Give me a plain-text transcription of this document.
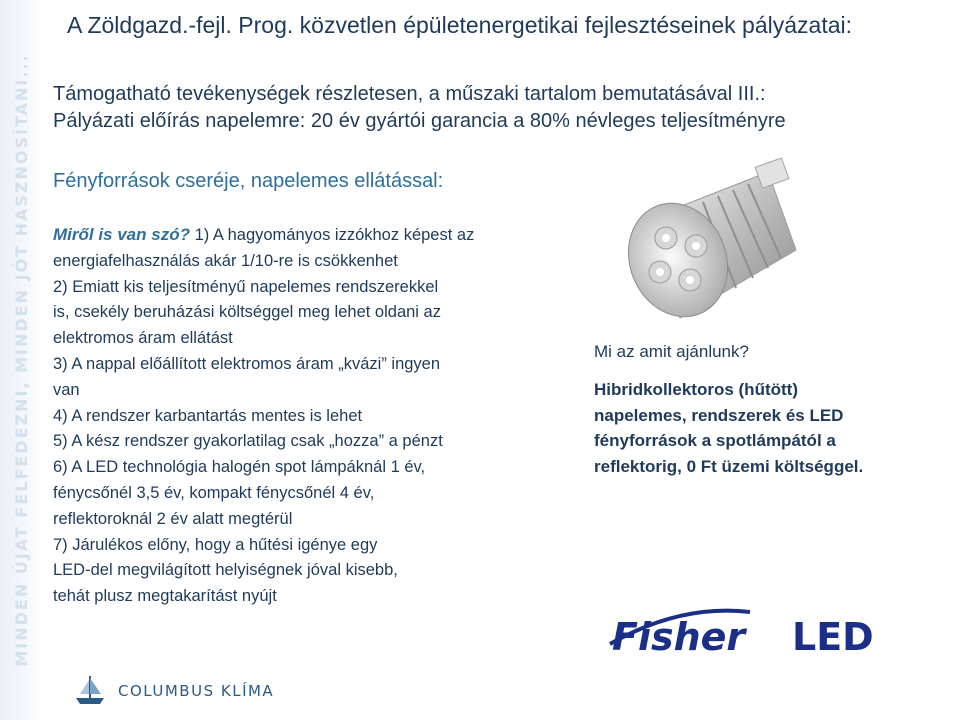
MINDEN ÚJAT FELFEDEZNI, MINDEN JÓT HASZNOSÍTANI...
A Zöldgazd.-fejl. Prog. közvetlen épületenergetikai fejlesztéseinek pályázatai:
Támogatható tevékenységek részletesen, a műszaki tartalom bemutatásával III.:
Pályázati előírás napelemre: 20 év gyártói garancia a 80% névleges teljesítményre
Fényforrások cseréje, napelemes ellátással:
Miről is van szó? 1) A hagyományos izzókhoz képest az
energiafelhasználás akár 1/10-re is csökkenhet
2) Emiatt kis teljesítményű napelemes rendszerekkel
is, csekély beruházási költséggel meg lehet oldani az
elektromos áram ellátást
3) A nappal előállított elektromos áram „kvázi” ingyen
van
4) A rendszer karbantartás mentes is lehet
5) A kész rendszer gyakorlatilag csak „hozza” a pénzt
6) A LED technológia halogén spot lámpáknál 1 év,
fénycsőnél 3,5 év, kompakt fénycsőnél 4 év,
reflektoroknál 2 év alatt megtérül
7) Járulékos előny, hogy a hűtési igénye egy
LED-del megvilágított helyiségnek jóval kisebb,
tehát plusz megtakarítást nyújt
Mi az amit ajánlunk?
Hibridkollektoros (hűtött)
napelemes, rendszerek és LED
fényforrások a spotlámpától a
reflektorig, 0 Ft üzemi költséggel.
Fisher LED
COLUMBUS KLÍMA
